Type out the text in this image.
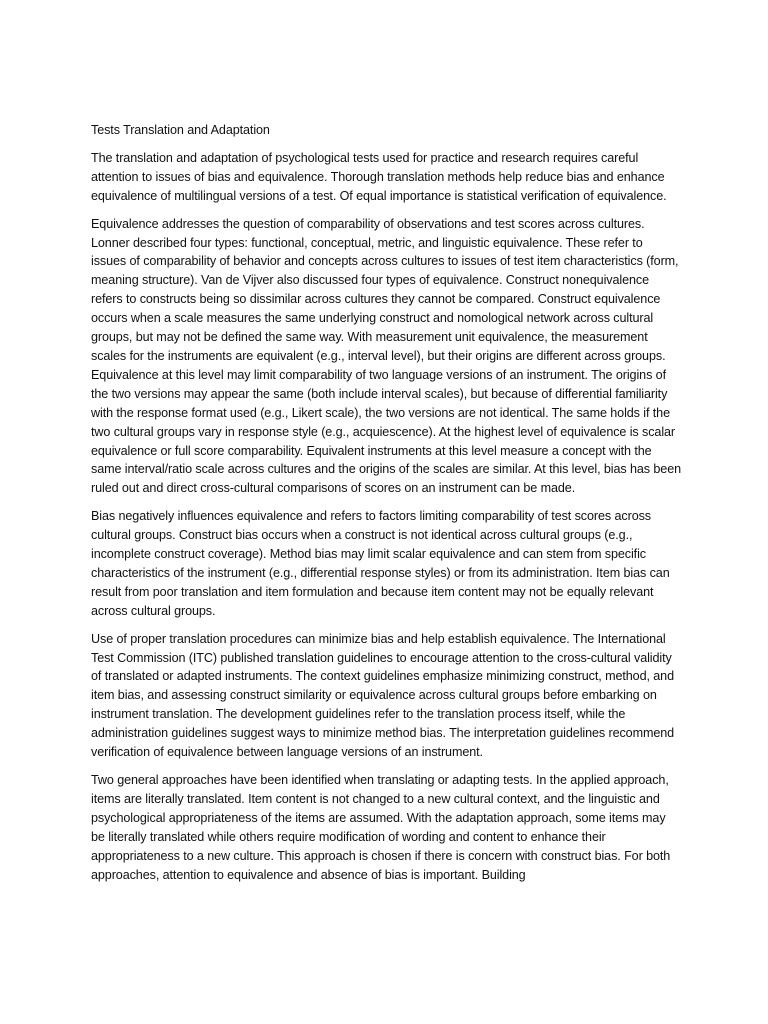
Tests Translation and Adaptation

The translation and adaptation of psychological tests used for practice and research requires careful attention to issues of bias and equivalence. Thorough translation methods help reduce bias and enhance equivalence of multilingual versions of a test. Of equal importance is statistical verification of equivalence.

Equivalence addresses the question of comparability of observations and test scores across cultures. Lonner described four types: functional, conceptual, metric, and linguistic equivalence. These refer to issues of comparability of behavior and concepts across cultures to issues of test item characteristics (form, meaning structure). Van de Vijver also discussed four types of equivalence. Construct nonequivalence refers to constructs being so dissimilar across cultures they cannot be compared. Construct equivalence occurs when a scale measures the same underlying construct and nomological network across cultural groups, but may not be defined the same way. With measurement unit equivalence, the measurement scales for the instruments are equivalent (e.g., interval level), but their origins are different across groups. Equivalence at this level may limit comparability of two language versions of an instrument. The origins of the two versions may appear the same (both include interval scales), but because of differential familiarity with the response format used (e.g., Likert scale), the two versions are not identical. The same holds if the two cultural groups vary in response style (e.g., acquiescence). At the highest level of equivalence is scalar equivalence or full score comparability. Equivalent instruments at this level measure a concept with the same interval/ratio scale across cultures and the origins of the scales are similar. At this level, bias has been ruled out and direct cross-cultural comparisons of scores on an instrument can be made.

Bias negatively influences equivalence and refers to factors limiting comparability of test scores across cultural groups. Construct bias occurs when a construct is not identical across cultural groups (e.g., incomplete construct coverage). Method bias may limit scalar equivalence and can stem from specific characteristics of the instrument (e.g., differential response styles) or from its administration. Item bias can result from poor translation and item formulation and because item content may not be equally relevant across cultural groups.

Use of proper translation procedures can minimize bias and help establish equivalence. The International Test Commission (ITC) published translation guidelines to encourage attention to the cross-cultural validity of translated or adapted instruments. The context guidelines emphasize minimizing construct, method, and item bias, and assessing construct similarity or equivalence across cultural groups before embarking on instrument translation. The development guidelines refer to the translation process itself, while the administration guidelines suggest ways to minimize method bias. The interpretation guidelines recommend verification of equivalence between language versions of an instrument.

Two general approaches have been identified when translating or adapting tests. In the applied approach, items are literally translated. Item content is not changed to a new cultural context, and the linguistic and psychological appropriateness of the items are assumed. With the adaptation approach, some items may be literally translated while others require modification of wording and content to enhance their appropriateness to a new culture. This approach is chosen if there is concern with construct bias. For both approaches, attention to equivalence and absence of bias is important. Building
